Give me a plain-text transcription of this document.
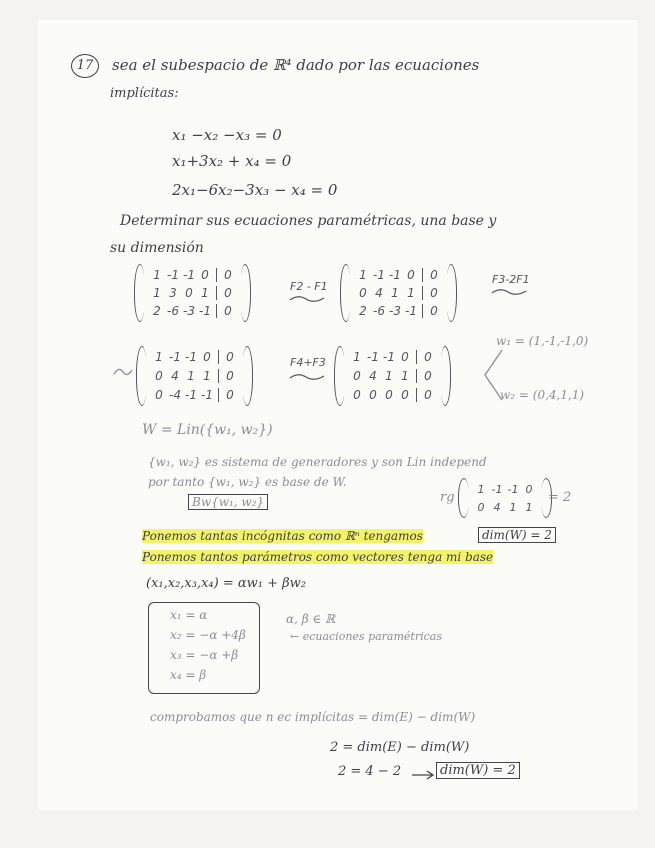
17	sea el subespacio de ℝ⁴ dado por las ecuaciones
implícitas:
x₁ −x₂ −x₃ = 0
x₁+3x₂ + x₄ = 0
2x₁−6x₂−3x₃ − x₄ = 0
Determinar sus ecuaciones paramétricas, una base y
su dimensión
1 -1 -1 0	0
1 3 0 1	0
2 -6 -3 -1	0
F2 - F1
1 -1 -1 0	0
0 4 1 1	0
2 -6 -3 -1	0
F3-2F1
1 -1 -1 0	0
0 4 1 1	0
0 -4 -1 -1	0
F4+F3	1 -1 -1 0	0
0 4 1 1	0
0 0 0 0	0
w₁ = (1,-1,-1,0)
w₂ = (0,4,1,1)
W = Lin({w₁, w₂})
{w₁, w₂} es sistema de generadores y son Lin independ
por tanto {w₁, w₂} es base de W.
Bw{w₁, w₂}	rg
1 -1 -1 0
0 4 1 1
= 2
Ponemos tantas incógnitas como ℝⁿ tengamos	dim(W) = 2
Ponemos tantos parámetros como vectores tenga mi base
(x₁,x₂,x₃,x₄) = αw₁ + βw₂
x₁ = α
x₂ = −α +4β
x₃ = −α +β
x₄ = β
α, β ∈ ℝ
← ecuaciones paramétricas
comprobamos que n ec implícitas = dim(E) − dim(W)
2 = dim(E) − dim(W)
2 = 4 − 2	dim(W) = 2
